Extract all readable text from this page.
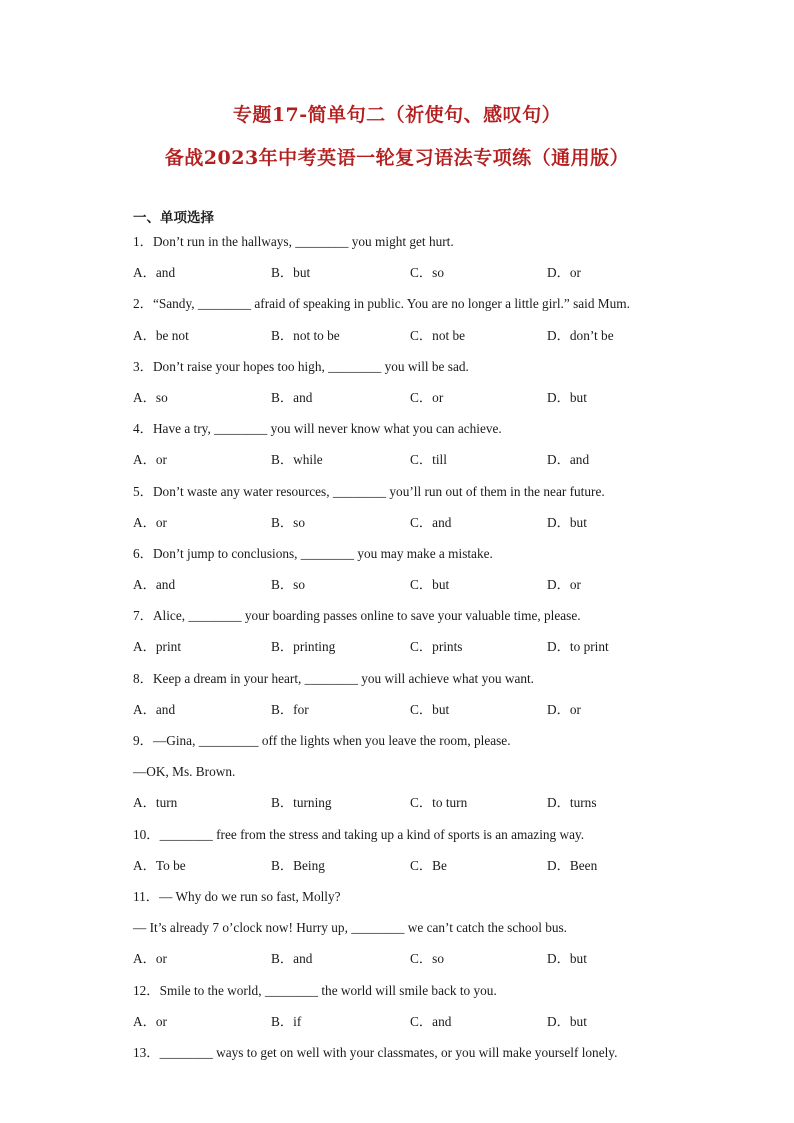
专题17-简单句二（祈使句、感叹句）
备战2023年中考英语一轮复习语法专项练（通用版）
一、单项选择
1．Don’t run in the hallways, ________ you might get hurt.
A．and	B．but	C．so	D．or
2．“Sandy, ________ afraid of speaking in public. You are no longer a little girl.” said Mum.
A．be not	B．not to be	C．not be	D．don’t be
3．Don’t raise your hopes too high, ________ you will be sad.
A．so	B．and	C．or	D．but
4．Have a try, ________ you will never know what you can achieve.
A．or	B．while	C．till	D．and
5．Don’t waste any water resources, ________ you’ll run out of them in the near future.
A．or	B．so	C．and	D．but
6．Don’t jump to conclusions, ________ you may make a mistake.
A．and	B．so	C．but	D．or
7．Alice, ________ your boarding passes online to save your valuable time, please.
A．print	B．printing	C．prints	D．to print
8．Keep a dream in your heart, ________ you will achieve what you want.
A．and	B．for	C．but	D．or
9．—Gina, _________ off the lights when you leave the room, please.
—OK, Ms. Brown.
A．turn	B．turning	C．to turn	D．turns
10．________ free from the stress and taking up a kind of sports is an amazing way.
A．To be	B．Being	C．Be	D．Been
11．— Why do we run so fast, Molly?
— It’s already 7 o’clock now! Hurry up, ________ we can’t catch the school bus.
A．or	B．and	C．so	D．but
12．Smile to the world, ________ the world will smile back to you.
A．or	B．if	C．and	D．but
13．________ ways to get on well with your classmates, or you will make yourself lonely.
